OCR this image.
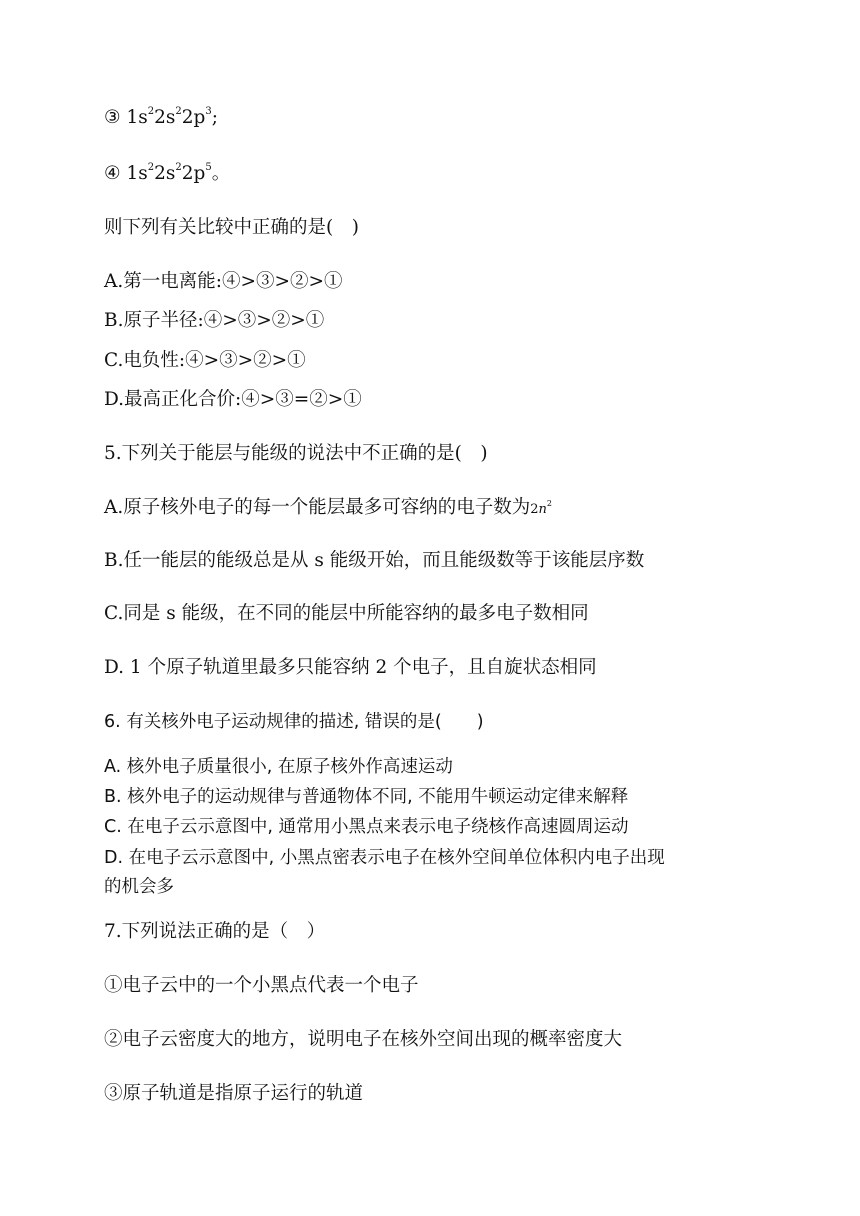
③ $1s^22s^22p^3$;
④ $1s^22s^22p^5$。
则下列有关比较中正确的是(　)
A.第一电离能:④>③>②>①
B.原子半径:④>③>②>①
C.电负性:④>③>②>①
D.最高正化合价:④>③=②>①
5.下列关于能层与能级的说法中不正确的是(　)
A.原子核外电子的每一个能层最多可容纳的电子数为$2n^2$
B.任一能层的能级总是从 s 能级开始，而且能级数等于该能层序数
C.同是 s 能级，在不同的能层中所能容纳的最多电子数相同
D. 1 个原子轨道里最多只能容纳 2 个电子，且自旋状态相同
6. 有关核外电子运动规律的描述, 错误的是(　　)
A. 核外电子质量很小, 在原子核外作高速运动
B. 核外电子的运动规律与普通物体不同, 不能用牛顿运动定律来解释
C. 在电子云示意图中, 通常用小黑点来表示电子绕核作高速圆周运动
D. 在电子云示意图中, 小黑点密表示电子在核外空间单位体积内电子出现
的机会多
7.下列说法正确的是（　）
①电子云中的一个小黑点代表一个电子
②电子云密度大的地方，说明电子在核外空间出现的概率密度大
③原子轨道是指原子运行的轨道
